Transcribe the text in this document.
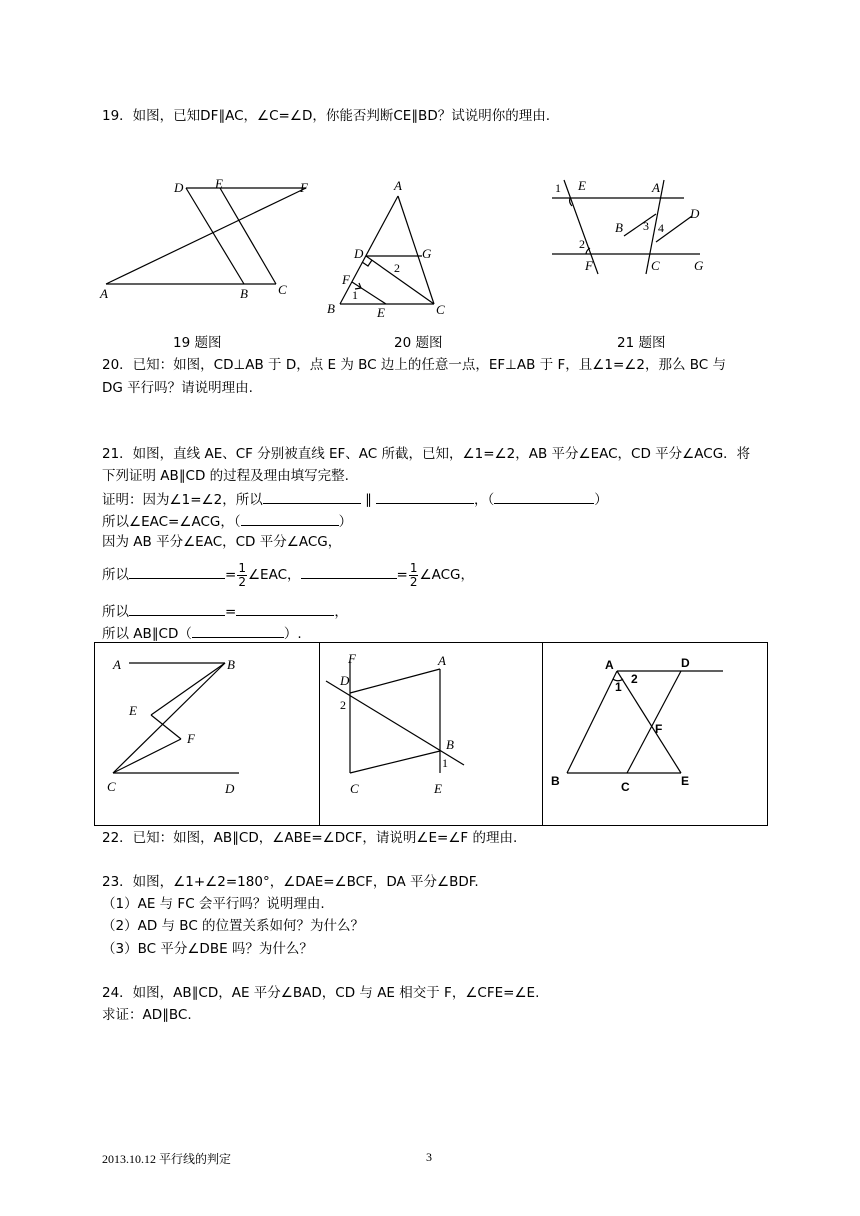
19．如图，已知DF∥AC，∠C=∠D，你能否判断CE∥BD？试说明你的理由.
D E	F
A	B C
A
D	G
F
B	E	C
1
2
1 E	A
D
B 3 4
2
F	C	G
19 题图	20 题图	21 题图
20．已知：如图，CD⊥AB 于 D，点 E 为 BC 边上的任意一点，EF⊥AB 于 F，且∠1=∠2，那么 BC 与
DG 平行吗？请说明理由.
21．如图，直线 AE、CF 分别被直线 EF、AC 所截，已知，∠1=∠2，AB 平分∠EAC，CD 平分∠ACG．将
下列证明 AB∥CD 的过程及理由填写完整.
证明：因为∠1=∠2，所以	∥	，（	）
所以∠EAC=∠ACG，（	）
因为 AB 平分∠EAC，CD 平分∠ACG，
所以	= $\frac{1}{2}$ ∠EAC，	= $\frac{1}{2}$ ∠ACG，
所以	=	，
所以 AB∥CD（	）.
A	B
E
F
C	D
F	A
D
2
B
1
C	E
A	D
1
2
F
B	C	E
22．已知：如图，AB∥CD，∠ABE=∠DCF，请说明∠E=∠F 的理由.
23．如图，∠1+∠2=180°，∠DAE=∠BCF，DA 平分∠BDF.
（1）AE 与 FC 会平行吗？说明理由.
（2）AD 与 BC 的位置关系如何？为什么？
（3）BC 平分∠DBE 吗？为什么？
24．如图，AB∥CD，AE 平分∠BAD，CD 与 AE 相交于 F，∠CFE=∠E.
求证：AD∥BC.
2013.10.12 平行线的判定	3
